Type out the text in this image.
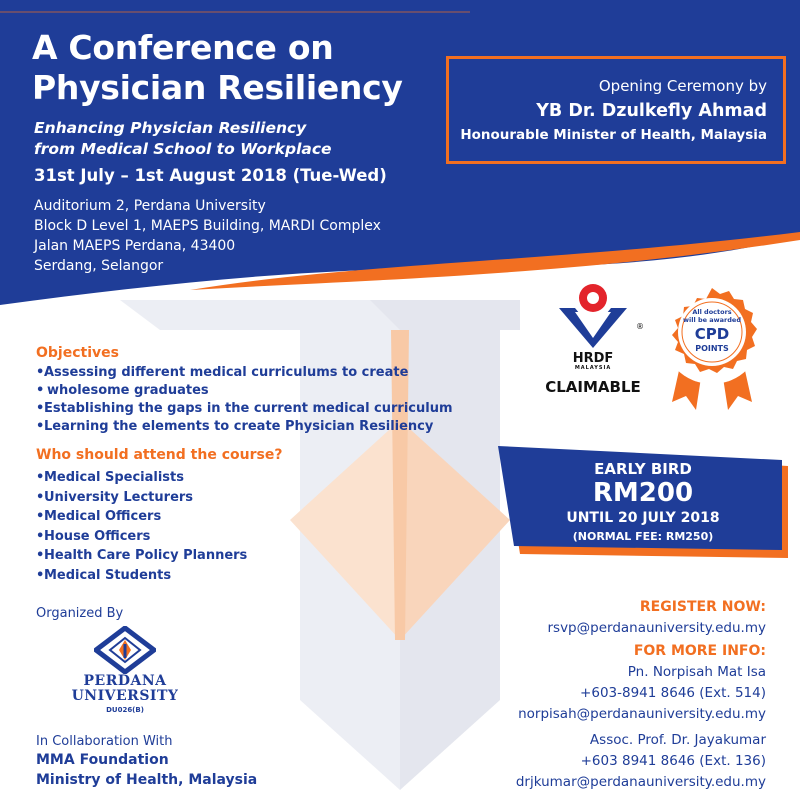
A Conference on
Physician Resiliency
Enhancing Physician Resiliency
from Medical School to Workplace
31st July – 1st August 2018 (Tue-Wed)
Auditorium 2, Perdana University
Block D Level 1, MAEPS Building, MARDI Complex
Jalan MAEPS Perdana, 43400
Serdang, Selangor
Opening Ceremony by
YB Dr. Dzulkefly Ahmad
Honourable Minister of Health, Malaysia
®
HRDF
MALAYSIA
CLAIMABLE
All doctors
will be awarded
CPD
POINTS
Objectives
• Assessing different medical curriculums to create
• wholesome graduates
• Establishing the gaps in the current medical curriculum
• Learning the elements to create Physician Resiliency
Who should attend the course?
• Medical Specialists
• University Lecturers
• Medical Officers
• House Officers
• Health Care Policy Planners
• Medical Students
EARLY BIRD
RM200
UNTIL 20 JULY 2018
(NORMAL FEE: RM250)
REGISTER NOW:
rsvp@perdanauniversity.edu.my
FOR MORE INFO:
Pn. Norpisah Mat Isa
+603-8941 8646 (Ext. 514)
norpisah@perdanauniversity.edu.my
Assoc. Prof. Dr. Jayakumar
+603 8941 8646 (Ext. 136)
drjkumar@perdanauniversity.edu.my
Organized By
PERDANA
UNIVERSITY
DU026(B)
In Collaboration With
MMA Foundation
Ministry of Health, Malaysia
